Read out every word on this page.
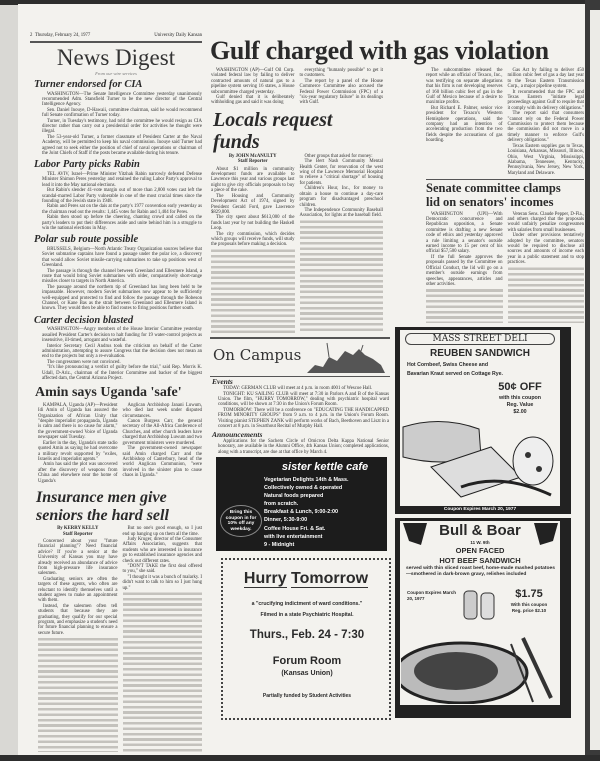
2 Thursday, February 24, 1977	University Daily Kansan
News Digest
From our wire services
Turner endorsed for CIA

WASHINGTON—The Senate Intelligence Committee yesterday unanimously recommended Adm. Stansfield Turner to be the new director of the Central Intelligence Agency.

Sen. Daniel Inouye, D-Hawaii, committee chairman, said he would recommend full Senate confirmation of Turner today.

Turner, in Tuesday's testimony, had told the committee he would resign as CIA director rather than carry out a presidential order for activities he thought were illegal.

The 53-year-old Turner, a former classmate of President Carter at the Naval Academy, will be permitted to keep his naval commission. Inouye said Turner had agreed not to seek either the position of chief of naval operations or chairman of the Joint Chiefs of Staff if the posts became available during his tenure.

Labor Party picks Rabin

TEL AVIV, Israel—Prime Minister Yitzhak Rabin narrowly defeated Defense Minister Shimon Peres yesterday and retained the ruling Labor Party's approval to lead it into the May national elections.

But Rabin's slender 41-vote margin out of more than 2,800 votes cast left the scandal-marred Labor Party vulnerable in one of the most crucial times since the founding of the Jewish state in 1948.

Rabin and Peres sat on the dais at the party's 1977 convention early yesterday as the chairman read out the results: 1,445 votes for Rabin and 1,404 for Peres.

Rabin then stood up before the cheering, chanting crowd and called on the party's leaders to put their differences aside and unite behind him in a struggle to win the national elections in May.

Polar sub route possible

BRUSSELS, Belgium—North Atlantic Treaty Organization sources believe that Soviet submarine captains have found a passage under the polar ice, a discovery that would allow Soviet missile-carrying submarines to take up positions west of Greenland.

The passage is through the channel between Greenland and Ellesmere Island, a route that would bring Soviet submarines with older, comparatively short-range missiles closer to targets in North America.

The passage around the northern tip of Greenland has long been held to be impassable. However, modern Soviet submarines now appear to be sufficiently well-equipped and protected to find and follow the passage through the Robeson Channel, or Kane Bas as the strait between Greenland and Ellesmere Island is known. They would then be able to find routes to firing positions further south.

Carter decision blasted

WASHINGTON—Angry members of the House Interior Committee yesterday assailed President Carter's decision to halt funding for 19 water-control projects as insensitive, ill-timed, arrogant and wasteful.

Interior Secretary Cecil Andrus took the criticism on behalf of the Carter administration, attempting to assure Congress that the decision does not mean an end to the projects but only a re-evaluation.

The congressmen were not convinced.

"It's like pronouncing a verdict of guilty before the trial," said Rep. Morris K. Udall, D-Ariz., chairman of the Interior Committee and backer of the biggest affected dam, the Central Arizona Project.

Amin says Uganda 'safe'

KAMPALA, Uganda (AP)—President Idi Amin of Uganda has assured the Organization of African Unity that "despite imperialist propaganda, Uganda is calm and there is no cause for alarm," the government-owned Voice of Uganda newspaper said Tuesday.

Earlier in the day, Uganda's state radio quoted Amin as saying he had overcome a military revolt supported by "exiles, Israelis and imperialist agents."

Amin has said the plot was uncovered after the discovery of weapons from China and elsewhere near the home of Uganda's

Anglican Archbishop Janani Luwum, who died last week under disputed circumstances.

Canon Burgess Carr, the general secretary of the All-Africa Conference of Churches, and other church leaders have charged that Archbishop Luwum and two government ministers were murdered.

The government-owned newspaper said Amin charged Carr and the Archbishop of Canterbury, head of the world Anglican Communion, "were involved in the sinister plan to cause chaos in Uganda."

Insurance men give
seniors the hard sell
By KERRY KELLY
Staff Reporter

Concerned about your "future financial planning"? Need financial advice? If you're a senior at the University of Kansas you may have already received an abundance of advice from high-pressure life insurance salesmen.

Graduating seniors are often the targets of these agents, who often are reluctant to identify themselves until a student agrees to make an appointment with them.

Instead, the salesmen often tell students that because they are graduating, they qualify for our special program, and emphasize a student's need for future financial planning to ensure a secure future.

But no one's good enough, so I just end up hanging up on them all the time.

Judy Kruger, director of the Consumer Affairs Association, suggests that students who are interested in insurance go to established insurance agencies and check out different rates.

"DON'T TAKE the first deal offered to you," she said.

"I thought it was a bunch of malarky. I didn't want to talk to him so I just hung up."

Gulf charged with gas violation

WASHINGTON (AP)—Gulf Oil Corp. violated federal law by failing to deliver contracted amounts of natural gas to a pipeline system serving 16 states, a House subcommittee charged yesterday.

Gulf denied that it is deliberately withholding gas and said it was doing

everything "humanly possible" to get it to customers.

The report by a panel of the House Commerce Committee also accused the Federal Power Commission (FPC) of a "six-year regulatory failure" in its dealings with Gulf.

Locals request funds
By JOHN McANULTY
Staff Reporter

About $1 million in community development funds are available to Lawrence this year and various groups last night to give city officials proposals to buy a piece of the cake.

The Housing and Community Development Act of 1974, signed by President Gerald Ford, gave Lawrence $829,000.

The city spent about $613,000 of the funds last year by not building the Haskell Loop.

The city commission, which decides which groups will receive funds, will study the proposals before making a decision.

Other groups that asked for money:

The Bert Nash Community Mental Health Center, for renovation of the west wing of the Lawrence Memorial Hospital to relieve a "critical shortage" of housing for patients.

Children's Hour, Inc., for money to obtain a house to continue a day-care program for disadvantaged preschool children.

The Independence Community Baseball Association, for lights at the baseball field.

The subcommittee released the report while an official of Texaco, Inc., was testifying on separate allegations that his firm is not developing reserves of 160 billion cubic feet of gas in the Gulf of Mexico because of a desire to maximize profits.

But Richard E. Palmer, senior vice president for Texaco's Western Hemisphere operations, said the company had an intention of accelerating production from the two fields despite the accusations of gas hoarding.

Gas Act by failing to deliver 450 million cubic feet of gas a day last year to the Texas Eastern Transmission Corp., a major pipeline system.

It recommended that the FPC and Texas Eastern "initiate legal proceedings against Gulf to require that it comply with its delivery obligations."

The report said that consumers "cannot rely on the Federal Power Commission to protect them because the commission did not move in a timely manner to enforce Gulf's delivery obligations."

Texas Eastern supplies gas to Texas, Louisiana, Arkansas, Missouri, Illinois, Ohio, West Virginia, Mississippi, Alabama, Tennessee, Kentucky, Pennsylvania, New Jersey, New York, Maryland and Delaware.

Senate committee clamps
lid on senators' incomes

WASHINGTON (UPI)—With Democratic concurrence and Republican opposition, a Senate committee is drafting a new Senate code of ethics and yesterday approved a rule limiting a senator's outside earned income to 15 per cent of his official $57,500 salary.

If the full Senate approves the proposals passed by the Committee on Official Conduct, the lid will go on a member's outside earnings from speeches, appearances, articles and other activities.

Veteran Sens. Claude Pepper, D-Fla., and others charged that the proposals would unfairly penalize congressmen with salaries from small businesses.

Under other provisions tentatively adopted by the committee, senators would be required to disclose all sources and amounts of income each year in a public statement and to stop practices.

On Campus
Events

TODAY: GERMAN CLUB will meet at 4 p.m. in room 4001 of Wescoe Hall.

TONIGHT: KU SAILING CLUB will meet at 7:30 in Parlors A and B of the Kansas Union. The film, "HURRY TOMORROW," dealing with psychiatric hospital ward conditions, will be shown at 7:30 in the Union's Forum Room.

TOMORROW: There will be a conference on "EDUCATING THE HANDICAPPED FROM MINORITY GROUPS" from 9 a.m. to 4 p.m. in the Union's Forum Room. Visiting pianist STEPHEN ZANK will perform works of Bach, Beethoven and Liszt in a concert at 8 p.m. in Swarthout Recital of Murphy Hall.

Announcements

Applications for the Sachem Circle of Omicron Delta Kappa National Senior honorary, are available in the Alumni Office, 4th Kansas Union; completed applications, along with a transcript, are due at that office by March 4.

sister kettle cafe
Vegetarian Delights 14th & Mass.
Collectively owned & operated
Natural foods prepared
from scratch.
Breakfast & Lunch, 9:00-2:00
Dinner, 5:30-9:00
Coffee House Fri. & Sat.
with live entertainment
9 - Midnight
Bring this coupon in for 10% off any weekday.
Hurry Tomorrow
a "crucifying indictment of ward conditions."
Filmed in a state Psychiatric Hospital.
Thurs., Feb. 24 - 7:30
Forum Room
(Kansas Union)
Partially funded by Student Activities
MASS STREET DELI
REUBEN SANDWICH
Hot Cornbeef, Swiss Cheese and
Bavarian Kraut served on Cottage Rye.
50¢ OFF
with this coupon
Reg. Value
$2.00
Coupon Expires March 20, 1977
Bull & Boar
11 W. 9th
OPEN FACED
HOT BEEF SANDWICH
served with thin sliced roast beef, home-made mashed potatoes—smothered in dark-brown gravy, relishes included
Coupon Expires March 20, 1977	$1.75
With this coupon
Reg. price $2.10
